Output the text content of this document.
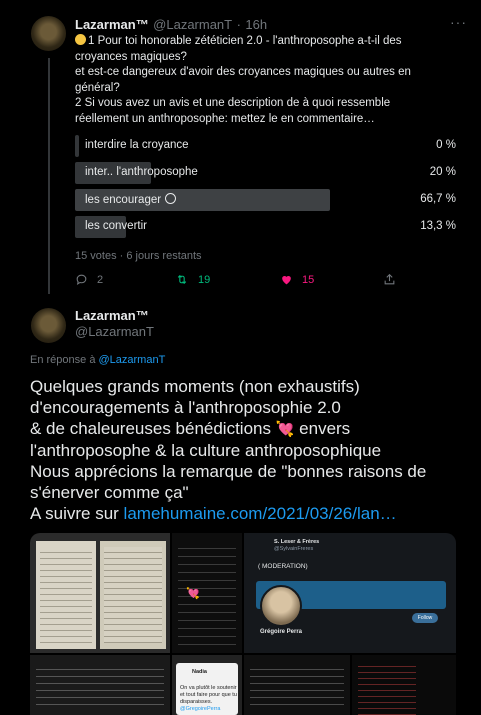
Lazarman™ @LazarmanT · 16h	···
1 Pour toi honorable zététicien 2.0 - l'anthroposophe a-t-il des
croyances magiques?
et est-ce dangereux d'avoir des croyances magiques ou autres en
général?
2 Si vous avez un avis et une description de à quoi ressemble
réellement un anthroposophe: mettez le en commentaire…
interdire la croyance	0 %
inter.. l'anthroposophe	20 %
les encourager	66,7 %
les convertir	13,3 %
15 votes · 6 jours restants
2	19	15
Lazarman™
@LazarmanT
En réponse à @LazarmanT
Quelques grands moments (non exhaustifs)
d'encouragements à l'anthroposophie 2.0
& de chaleureuses bénédictions 💘 envers
l'anthroposophe & la culture anthroposophique
Nous apprécions la remarque de "bonnes raisons de
s'énerver comme ça"
A suivre sur lamehumaine.com/2021/03/26/lan…
💘
S. Leser & Frères
@SylvainFreres
( MODERATION)
Follow
Grégoire Perra
Nadia
On va plutôt le soutenir et tout faire pour que tu disparaisses.
@GregoirePerra
